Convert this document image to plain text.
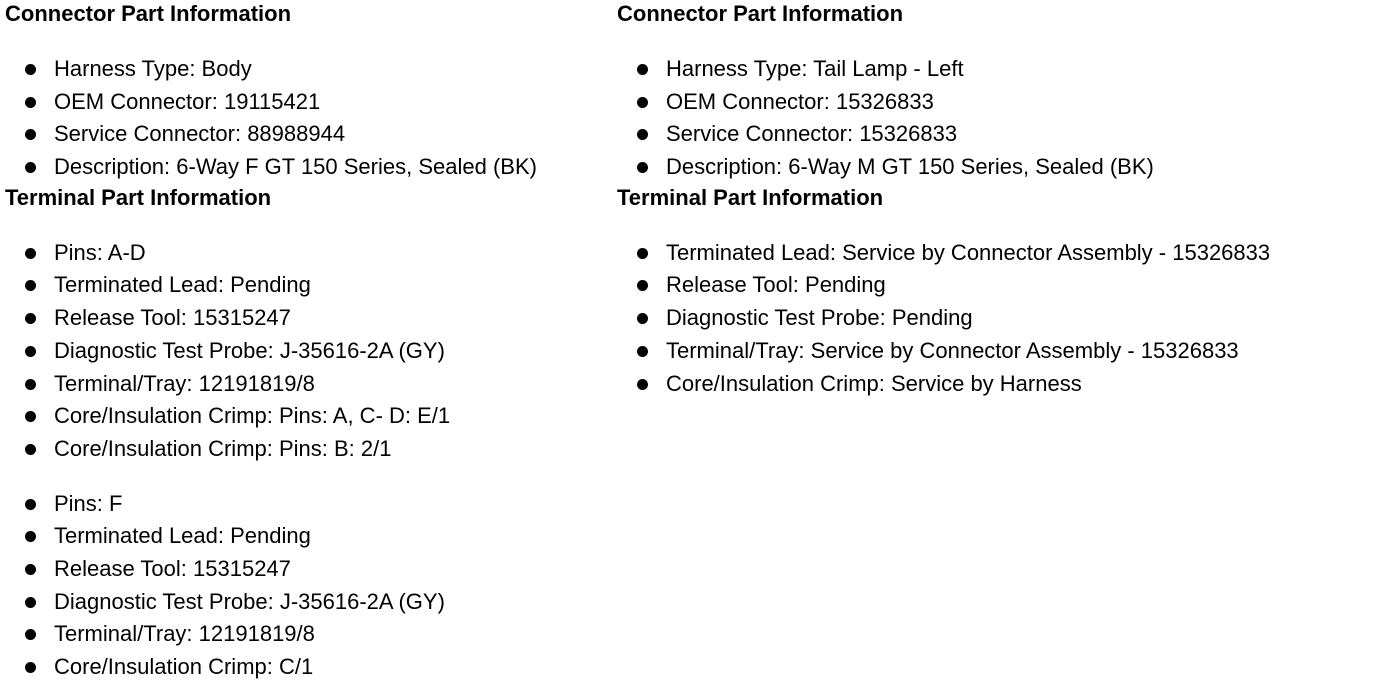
Connector Part Information
Harness Type: Body
OEM Connector: 19115421
Service Connector: 88988944
Description: 6-Way F GT 150 Series, Sealed (BK)
Terminal Part Information
Pins: A-D
Terminated Lead: Pending
Release Tool: 15315247
Diagnostic Test Probe: J-35616-2A (GY)
Terminal/Tray: 12191819/8
Core/Insulation Crimp: Pins: A, C- D: E/1
Core/Insulation Crimp: Pins: B: 2/1
Pins: F
Terminated Lead: Pending
Release Tool: 15315247
Diagnostic Test Probe: J-35616-2A (GY)
Terminal/Tray: 12191819/8
Core/Insulation Crimp: C/1
Connector Part Information
Harness Type: Tail Lamp - Left
OEM Connector: 15326833
Service Connector: 15326833
Description: 6-Way M GT 150 Series, Sealed (BK)
Terminal Part Information
Terminated Lead: Service by Connector Assembly - 15326833
Release Tool: Pending
Diagnostic Test Probe: Pending
Terminal/Tray: Service by Connector Assembly - 15326833
Core/Insulation Crimp: Service by Harness
